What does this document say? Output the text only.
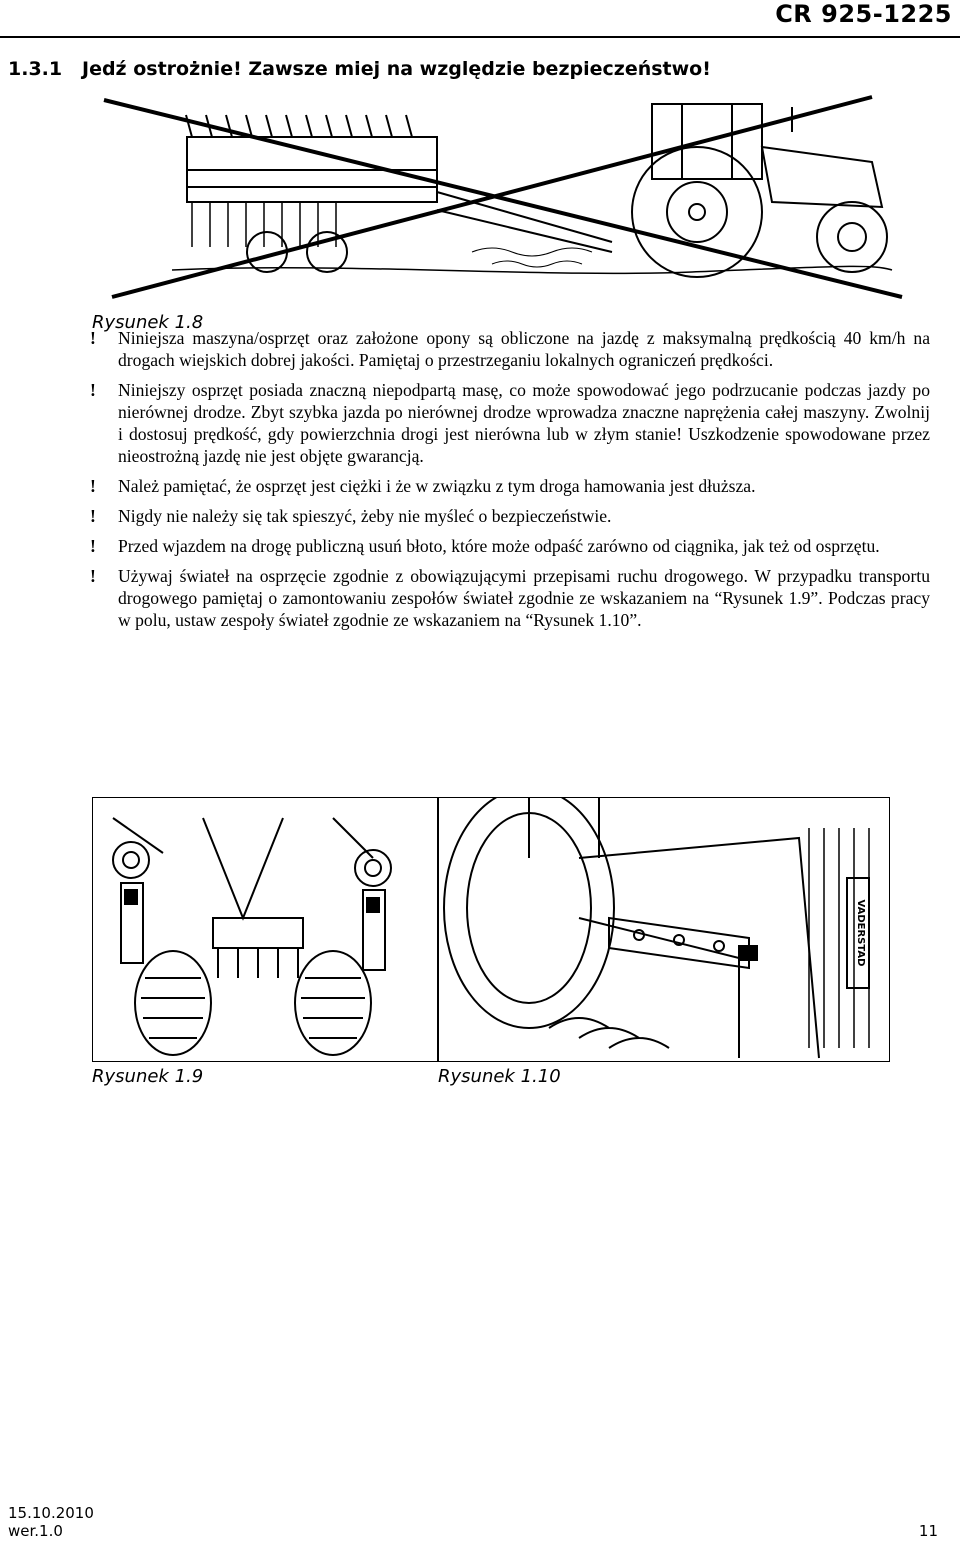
CR 925-1225
1.3.1 Jedź ostrożnie! Zawsze miej na względzie bezpieczeństwo!
Rysunek 1.8
! Niniejsza maszyna/osprzęt oraz założone opony są obliczone na jazdę z maksymalną prędkością 40 km/h na drogach wiejskich dobrej jakości. Pamiętaj o przestrzeganiu lokalnych ograniczeń prędkości.
! Niniejszy osprzęt posiada znaczną niepodpartą masę, co może spowodować jego podrzucanie podczas jazdy po nierównej drodze. Zbyt szybka jazda po nierównej drodze wprowadza znaczne naprężenia całej maszyny. Zwolnij i dostosuj prędkość, gdy powierzchnia drogi jest nierówna lub w złym stanie! Uszkodzenie spowodowane przez nieostrożną jazdę nie jest objęte gwarancją.
! Należ pamiętać, że osprzęt jest ciężki i że w związku z tym droga hamowania jest dłuższa.
! Nigdy nie należy się tak spieszyć, żeby nie myśleć o bezpieczeństwie.
! Przed wjazdem na drogę publiczną usuń błoto, które może odpaść zarówno od ciągnika, jak też od osprzętu.
! Używaj świateł na osprzęcie zgodnie z obowiązującymi przepisami ruchu drogowego. W przypadku transportu drogowego pamiętaj o zamontowaniu zespołów świateł zgodnie ze wskazaniem na “Rysunek 1.9”. Podczas pracy w polu, ustaw zespoły świateł zgodnie ze wskazaniem na “Rysunek 1.10”.
Rysunek 1.9
VADERSTAD
Rysunek 1.10
15.10.2010
wer.1.0	11
